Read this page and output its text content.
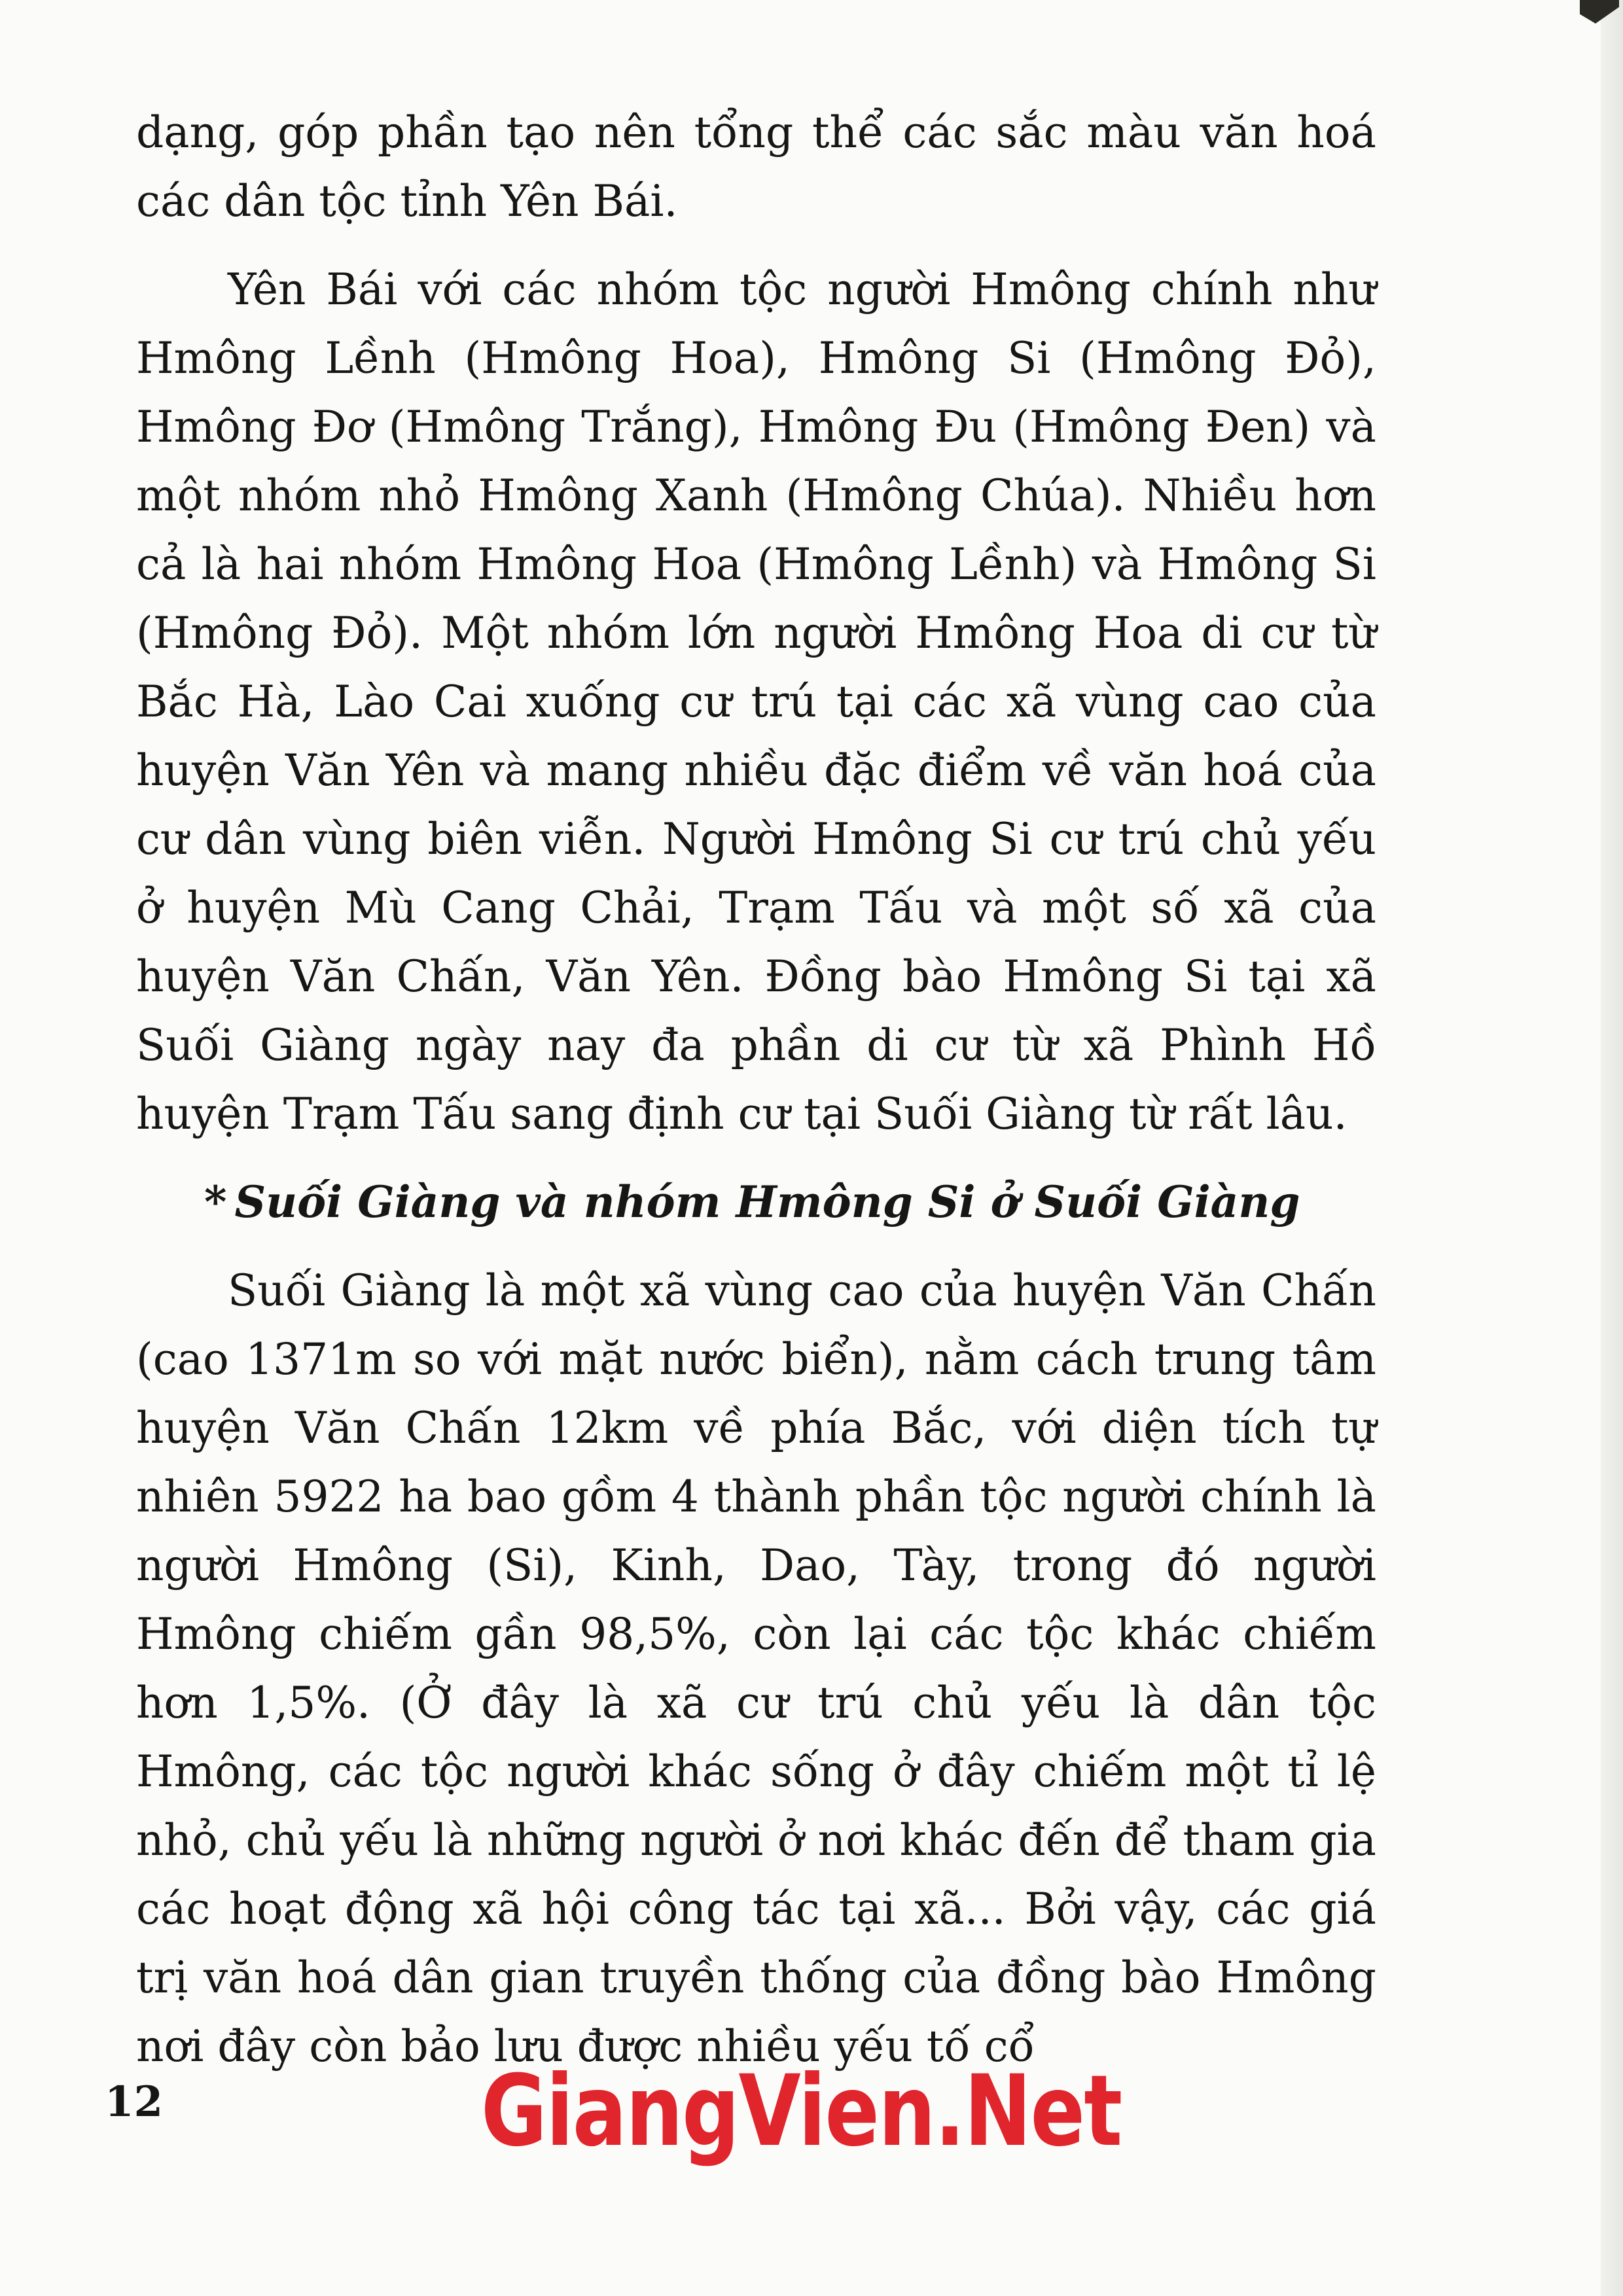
dạng, góp phần tạo nên tổng thể các sắc màu văn hoá các dân tộc tỉnh Yên Bái.

Yên Bái với các nhóm tộc người Hmông chính như Hmông Lềnh (Hmông Hoa), Hmông Si (Hmông Đỏ), Hmông Đơ (Hmông Trắng), Hmông Đu (Hmông Đen) và một nhóm nhỏ Hmông Xanh (Hmông Chúa). Nhiều hơn cả là hai nhóm Hmông Hoa (Hmông Lềnh) và Hmông Si (Hmông Đỏ). Một nhóm lớn người Hmông Hoa di cư từ Bắc Hà, Lào Cai xuống cư trú tại các xã vùng cao của huyện Văn Yên và mang nhiều đặc điểm về văn hoá của cư dân vùng biên viễn. Người Hmông Si cư trú chủ yếu ở huyện Mù Cang Chải, Trạm Tấu và một số xã của huyện Văn Chấn, Văn Yên. Đồng bào Hmông Si tại xã Suối Giàng ngày nay đa phần di cư từ xã Phình Hồ huyện Trạm Tấu sang định cư tại Suối Giàng từ rất lâu.

* Suối Giàng và nhóm Hmông Si ở Suối Giàng

Suối Giàng là một xã vùng cao của huyện Văn Chấn (cao 1371m so với mặt nước biển), nằm cách trung tâm huyện Văn Chấn 12km về phía Bắc, với diện tích tự nhiên 5922 ha bao gồm 4 thành phần tộc người chính là người Hmông (Si), Kinh, Dao, Tày, trong đó người Hmông chiếm gần 98,5%, còn lại các tộc khác chiếm hơn 1,5%. (Ở đây là xã cư trú chủ yếu là dân tộc Hmông, các tộc người khác sống ở đây chiếm một tỉ lệ nhỏ, chủ yếu là những người ở nơi khác đến để tham gia các hoạt động xã hội công tác tại xã... Bởi vậy, các giá trị văn hoá dân gian truyền thống của đồng bào Hmông nơi đây còn bảo lưu được nhiều yếu tố cổ

12	GiangVien.Net
